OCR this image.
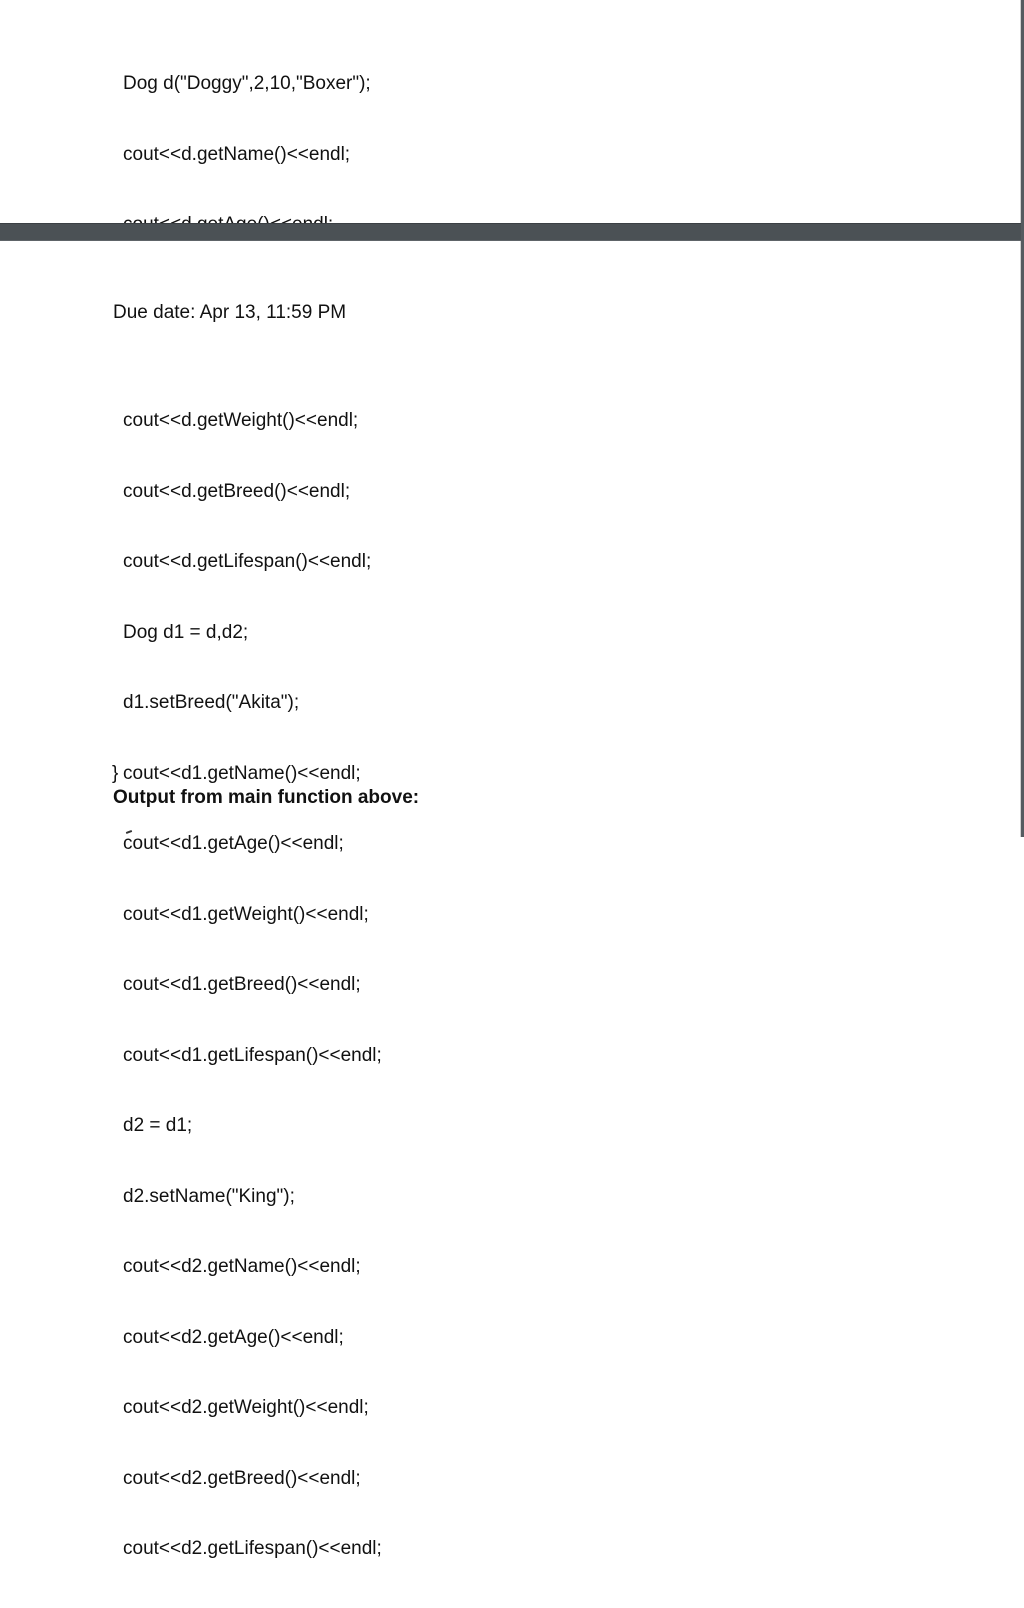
Dog d("Doggy",2,10,"Boxer");

cout<<d.getName()<<endl;

Due date: Apr 13, 11:59 PM

cout<<d.getWeight()<<endl;

cout<<d.getBreed()<<endl;

cout<<d.getLifespan()<<endl;

Dog d1 = d,d2;

d1.setBreed("Akita");

cout<<d1.getName()<<endl;

cout<<d1.getAge()<<endl;

cout<<d1.getWeight()<<endl;

cout<<d1.getBreed()<<endl;

cout<<d1.getLifespan()<<endl;

d2 = d1;

d2.setName("King");

cout<<d2.getName()<<endl;

cout<<d2.getAge()<<endl;

cout<<d2.getWeight()<<endl;

cout<<d2.getBreed()<<endl;

cout<<d2.getLifespan()<<endl;

}
Output from main function above:
